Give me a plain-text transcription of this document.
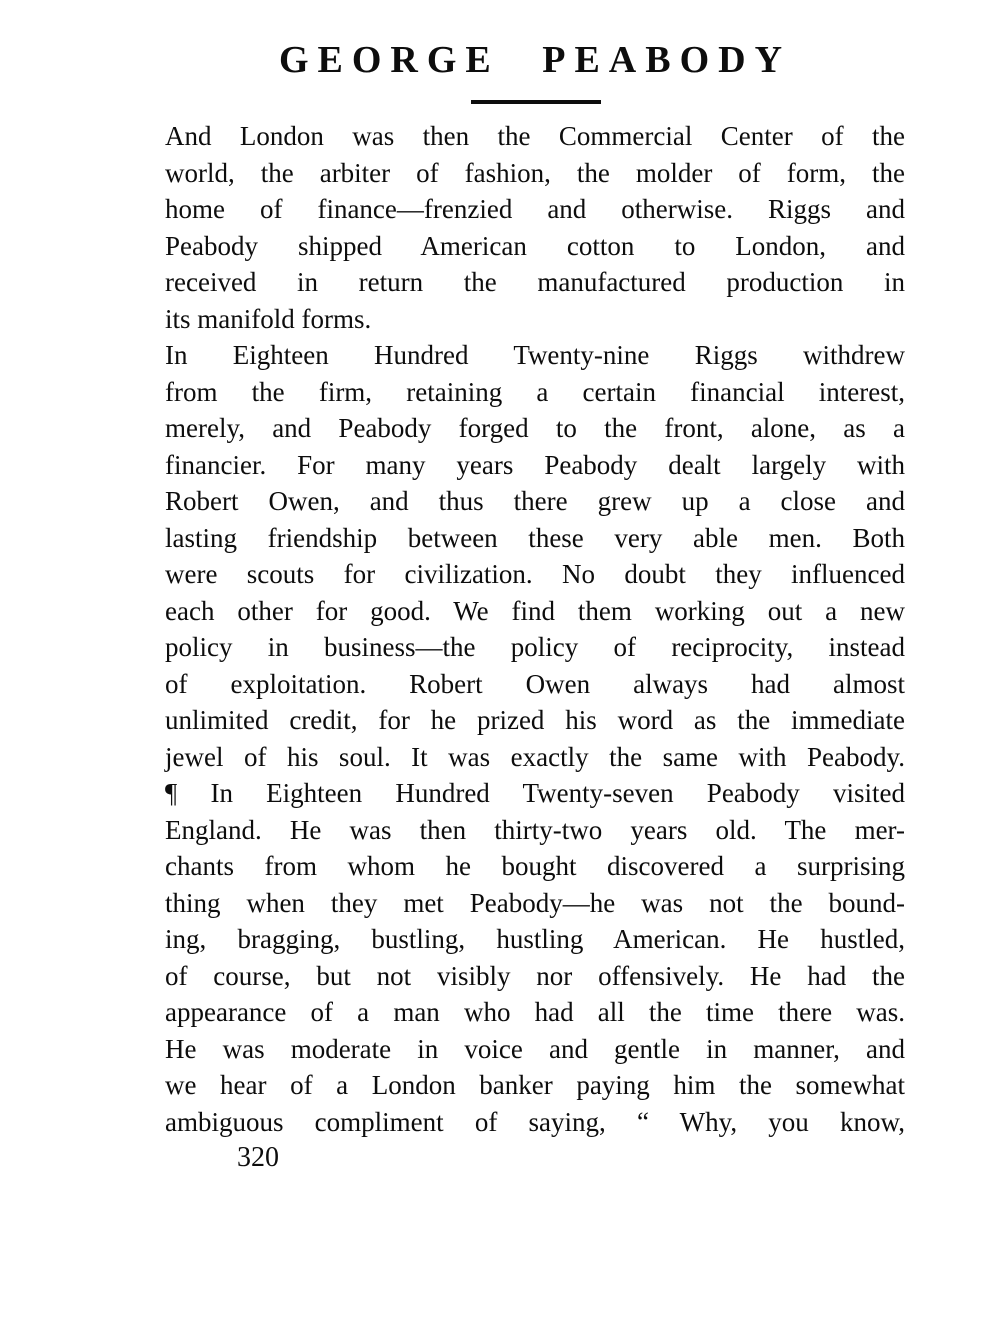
GEORGE PEABODY
And London was then the Commercial Center of the
world, the arbiter of fashion, the molder of form, the
home of finance—frenzied and otherwise. Riggs and
Peabody shipped American cotton to London, and
received in return the manufactured production in
its manifold forms.
In Eighteen Hundred Twenty-nine Riggs withdrew
from the firm, retaining a certain financial interest,
merely, and Peabody forged to the front, alone, as a
financier. For many years Peabody dealt largely with
Robert Owen, and thus there grew up a close and
lasting friendship between these very able men. Both
were scouts for civilization. No doubt they influenced
each other for good. We find them working out a new
policy in business—the policy of reciprocity, instead
of exploitation. Robert Owen always had almost
unlimited credit, for he prized his word as the immediate
jewel of his soul. It was exactly the same with Peabody.
¶ In Eighteen Hundred Twenty-seven Peabody visited
England. He was then thirty-two years old. The mer-
chants from whom he bought discovered a surprising
thing when they met Peabody—he was not the bound-
ing, bragging, bustling, hustling American. He hustled,
of course, but not visibly nor offensively. He had the
appearance of a man who had all the time there was.
He was moderate in voice and gentle in manner, and
we hear of a London banker paying him the somewhat
ambiguous compliment of saying, “ Why, you know,
320
